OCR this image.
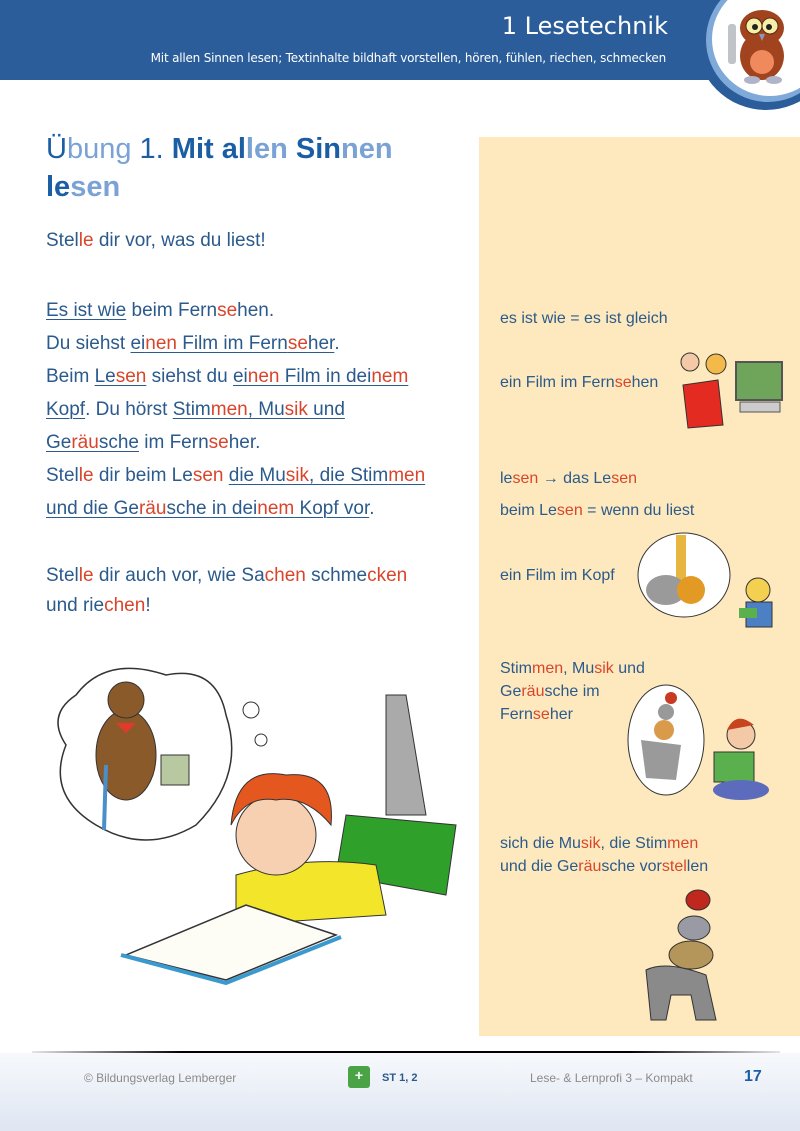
1 Lesetechnik
Mit allen Sinnen lesen; Textinhalte bildhaft vorstellen, hören, fühlen, riechen, schmecken
Übung 1. Mit allen Sinnen
lesen
Stelle dir vor, was du liest!
Es ist wie beim Fernsehen.
Du siehst einen Film im Fernseher.
Beim Lesen siehst du einen Film in deinem
Kopf. Du hörst Stimmen, Musik und
Geräusche im Fernseher.
Stelle dir beim Lesen die Musik, die Stimmen
und die Geräusche in deinem Kopf vor.
Stelle dir auch vor, wie Sachen schmecken
und riechen!
es ist wie = es ist gleich
ein Film im Fernsehen
lesen → das Lesen
beim Lesen = wenn du liest
ein Film im Kopf
Stimmen, Musik und
Geräusche im
Fernseher
sich die Musik, die Stimmen
und die Geräusche vorstellen
© Bildungsverlag Lemberger	+	ST 1, 2	Lese- & Lernprofi 3 – Kompakt	17
